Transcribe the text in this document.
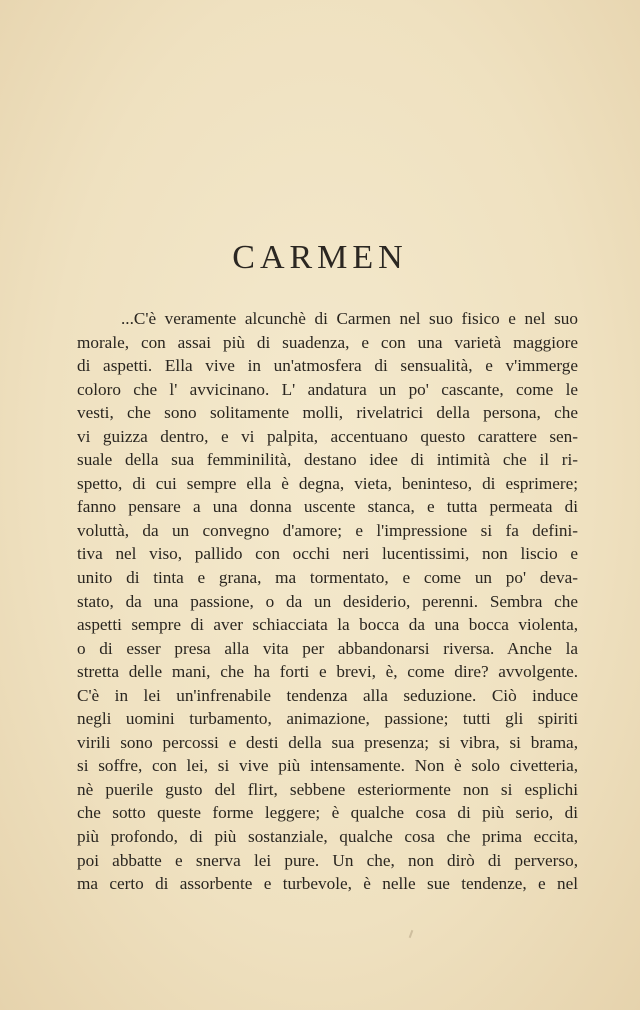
CARMEN
...C'è veramente alcunchè di Carmen nel suo fisico e nel suo
morale, con assai più di suadenza, e con una varietà maggiore
di aspetti. Ella vive in un'atmosfera di sensualità, e v'immerge
coloro che l' avvicinano. L' andatura un po' cascante, come le
vesti, che sono solitamente molli, rivelatrici della persona, che
vi guizza dentro, e vi palpita, accentuano questo carattere sen-
suale della sua femminilità, destano idee di intimità che il ri-
spetto, di cui sempre ella è degna, vieta, beninteso, di esprimere;
fanno pensare a una donna uscente stanca, e tutta permeata di
voluttà, da un convegno d'amore; e l'impressione si fa defini-
tiva nel viso, pallido con occhi neri lucentissimi, non liscio e
unito di tinta e grana, ma tormentato, e come un po' deva-
stato, da una passione, o da un desiderio, perenni. Sembra che
aspetti sempre di aver schiacciata la bocca da una bocca violenta,
o di esser presa alla vita per abbandonarsi riversa. Anche la
stretta delle mani, che ha forti e brevi, è, come dire? avvolgente.
C'è in lei un'infrenabile tendenza alla seduzione. Ciò induce
negli uomini turbamento, animazione, passione; tutti gli spiriti
virili sono percossi e desti della sua presenza; si vibra, si brama,
si soffre, con lei, si vive più intensamente. Non è solo civetteria,
nè puerile gusto del flirt, sebbene esteriormente non si esplichi
che sotto queste forme leggere; è qualche cosa di più serio, di
più profondo, di più sostanziale, qualche cosa che prima eccita,
poi abbatte e snerva lei pure. Un che, non dirò di perverso,
ma certo di assorbente e turbevole, è nelle sue tendenze, e nel
